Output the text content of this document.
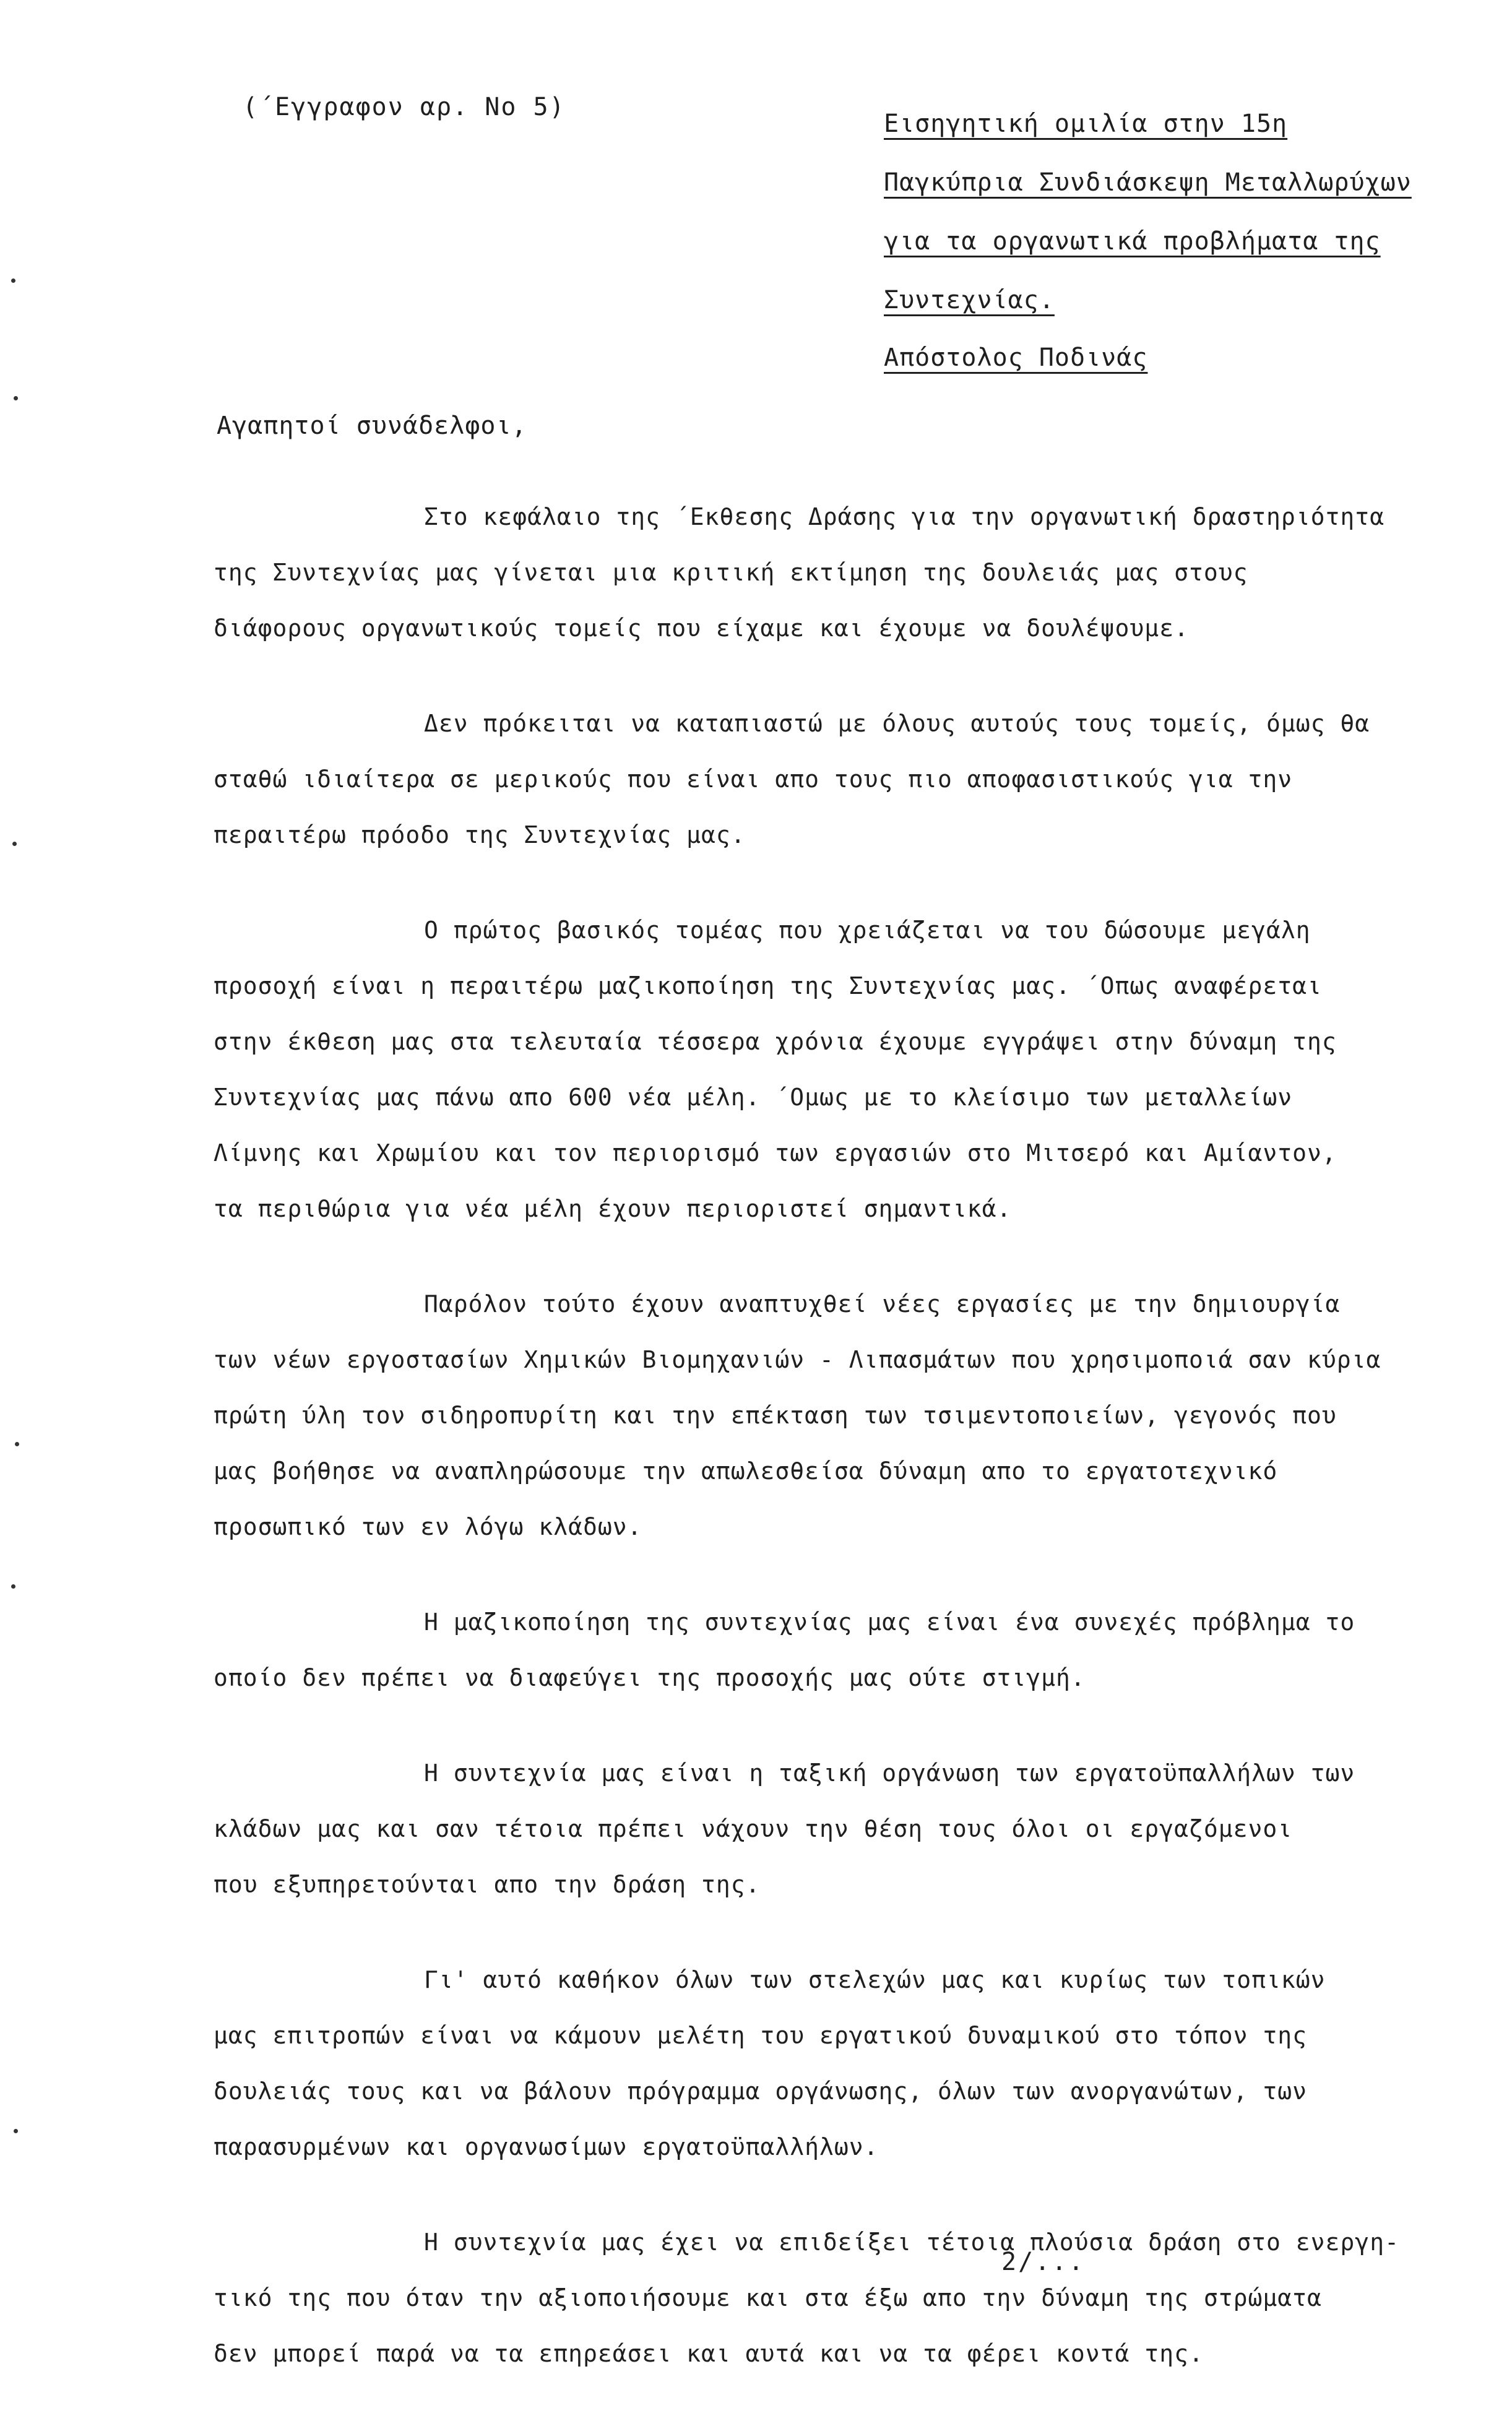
(΄Εγγραφον αρ. Νο 5)
Εισηγητική ομιλία στην 15η
Παγκύπρια Συνδιάσκεψη Μεταλλωρύχων
για τα οργανωτικά προβλήματα της
Συντεχνίας.
Απόστολος Ποδινάς
Αγαπητοί συνάδελφοι,
Στο κεφάλαιο της ΄Εκθεσης Δράσης για την οργανωτική δραστηριότητα
της Συντεχνίας μας γίνεται μια κριτική εκτίμηση της δουλειάς μας στους
διάφορους οργανωτικούς τομείς που είχαμε και έχουμε να δουλέψουμε.
Δεν πρόκειται να καταπιαστώ με όλους αυτούς τους τομείς, όμως θα
σταθώ ιδιαίτερα σε μερικούς που είναι απο τους πιο αποφασιστικούς για την
περαιτέρω πρόοδο της Συντεχνίας μας.
Ο πρώτος βασικός τομέας που χρειάζεται να του δώσουμε μεγάλη
προσοχή είναι η περαιτέρω μαζικοποίηση της Συντεχνίας μας. ΄Οπως αναφέρεται
στην έκθεση μας στα τελευταία τέσσερα χρόνια έχουμε εγγράψει στην δύναμη της
Συντεχνίας μας πάνω απο 600 νέα μέλη. ΄Ομως με το κλείσιμο των μεταλλείων
Λίμνης και Χρωμίου και τον περιορισμό των εργασιών στο Μιτσερό και Αμίαντον,
τα περιθώρια για νέα μέλη έχουν περιοριστεί σημαντικά.
Παρόλον τούτο έχουν αναπτυχθεί νέες εργασίες με την δημιουργία
των νέων εργοστασίων Χημικών Βιομηχανιών - Λιπασμάτων που χρησιμοποιά σαν κύρια
πρώτη ύλη τον σιδηροπυρίτη και την επέκταση των τσιμεντοποιείων, γεγονός που
μας βοήθησε να αναπληρώσουμε την απωλεσθείσα δύναμη απο το εργατοτεχνικό
προσωπικό των εν λόγω κλάδων.
Η μαζικοποίηση της συντεχνίας μας είναι ένα συνεχές πρόβλημα το
οποίο δεν πρέπει να διαφεύγει της προσοχής μας ούτε στιγμή.
Η συντεχνία μας είναι η ταξική οργάνωση των εργατοϋπαλλήλων των
κλάδων μας και σαν τέτοια πρέπει νάχουν την θέση τους όλοι οι εργαζόμενοι
που εξυπηρετούνται απο την δράση της.
Γι' αυτό καθήκον όλων των στελεχών μας και κυρίως των τοπικών
μας επιτροπών είναι να κάμουν μελέτη του εργατικού δυναμικού στο τόπον της
δουλειάς τους και να βάλουν πρόγραμμα οργάνωσης, όλων των ανοργανώτων, των
παρασυρμένων και οργανωσίμων εργατοϋπαλλήλων.
Η συντεχνία μας έχει να επιδείξει τέτοια πλούσια δράση στο ενεργη-
τικό της που όταν την αξιοποιήσουμε και στα έξω απο την δύναμη της στρώματα
δεν μπορεί παρά να τα επηρεάσει και αυτά και να τα φέρει κοντά της.
2/...
